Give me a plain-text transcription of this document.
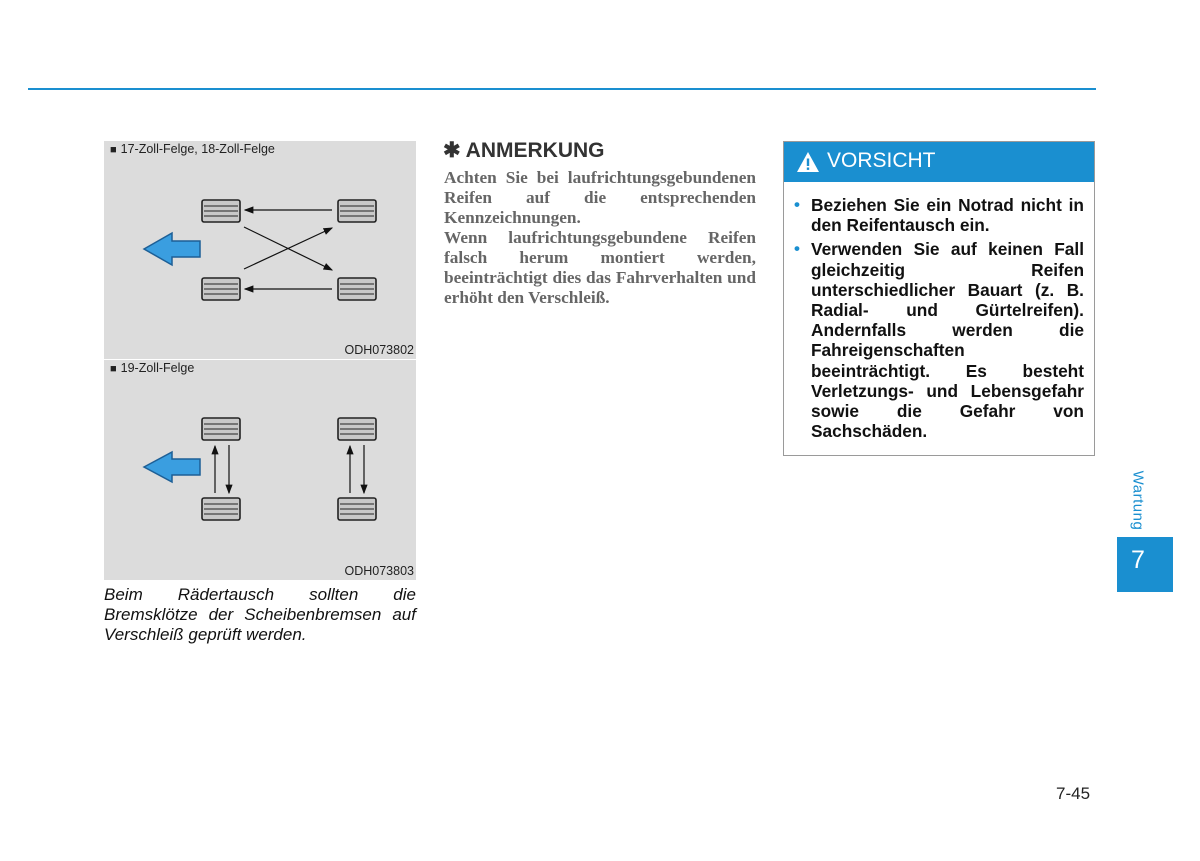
■ 17-Zoll-Felge, 18-Zoll-Felge
ODH073802
■ 19-Zoll-Felge
ODH073803
Beim Rädertausch sollten die Bremsklötze der Scheibenbremsen auf Verschleiß geprüft werden.
✱ ANMERKUNG

Achten Sie bei laufrichtungsgebundenen Reifen auf die entsprechenden Kennzeichnungen.

Wenn laufrichtungsgebundene Reifen falsch herum montiert werden, beeinträchtigt dies das Fahrverhalten und erhöht den Verschleiß.

VORSICHT
• Beziehen Sie ein Notrad nicht in den Reifentausch ein.
• Verwenden Sie auf keinen Fall gleichzeitig Reifen unterschiedlicher Bauart (z. B. Radial- und Gürtelreifen). Andernfalls werden die Fahreigenschaften beeinträchtigt. Es besteht Verletzungs- und Lebensgefahr sowie die Gefahr von Sachschäden.
Wartung
7
7-45
